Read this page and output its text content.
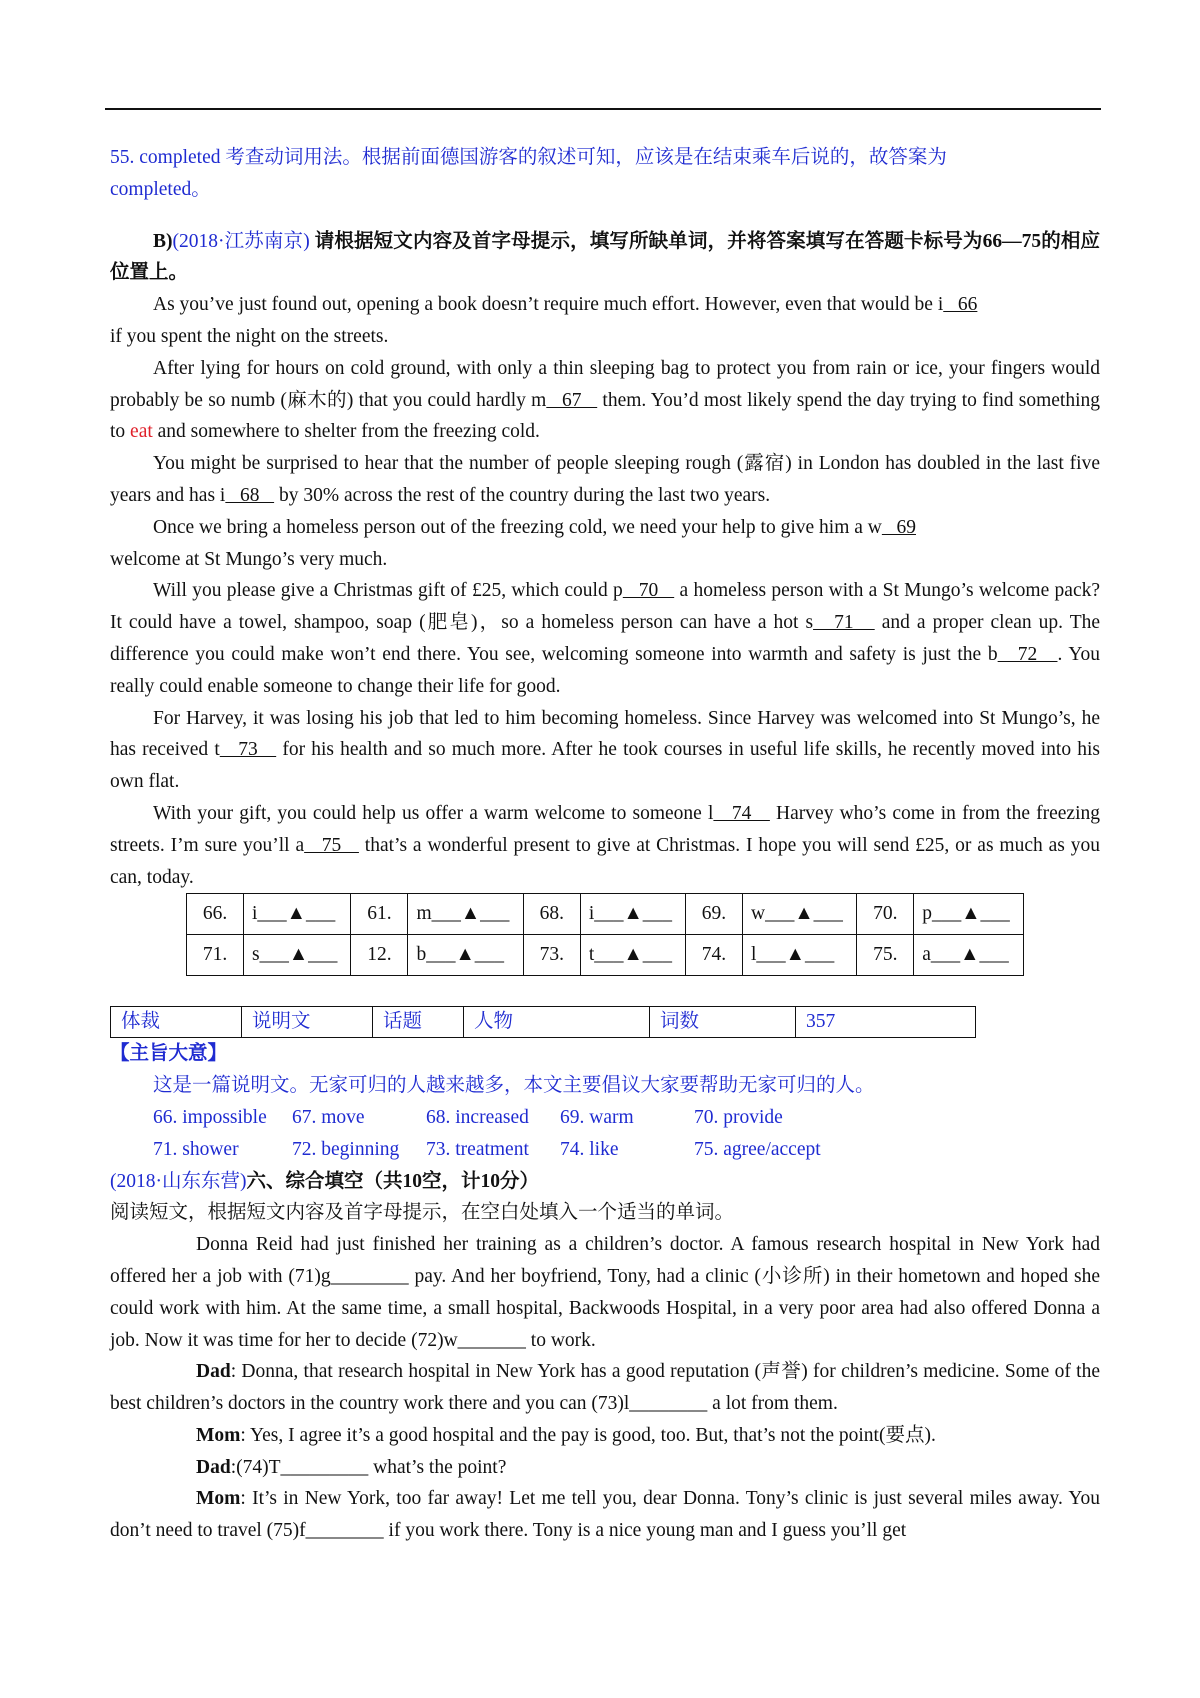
55. completed 考查动词用法。根据前面德国游客的叙述可知，应该是在结束乘车后说的，故答案为
completed。

B)(2018·江苏南京) 请根据短文内容及首字母提示，填写所缺单词，并将答案填写在答题卡标号为66—75的相应位置上。

As you’ve just found out, opening a book doesn’t require much effort. However, even that would be i   66
if you spent the night on the streets.

After lying for hours on cold ground, with only a thin sleeping bag to protect you from rain or ice, your fingers would probably be so numb (麻木的) that you could hardly m   67    them. You’d most likely spend the day trying to find something to eat and somewhere to shelter from the freezing cold.

You might be surprised to hear that the number of people sleeping rough (露宿) in London has doubled in the last five years and has i   68    by 30% across the rest of the country during the last two years.

Once we bring a homeless person out of the freezing cold, we need your help to give him a w   69
welcome at St Mungo’s very much.

Will you please give a Christmas gift of £25, which could p   70    a homeless person with a St Mungo’s welcome pack? It could have a towel, shampoo, soap (肥皂)，so a homeless person can have a hot s   71    and a proper clean up. The difference you could make won’t end there. You see, welcoming someone into warmth and safety is just the b   72   . You really could enable someone to change their life for good.

For Harvey, it was losing his job that led to him becoming homeless. Since Harvey was welcomed into St Mungo’s, he has received t   73    for his health and so much more. After he took courses in useful life skills, he recently moved into his own flat.

With your gift, you could help us offer a warm welcome to someone l   74    Harvey who’s come in from the freezing streets. I’m sure you’ll a   75    that’s a wonderful present to give at Christmas. I hope you will send £25, or as much as you can, today.

66.	i___▲___	61.	m___▲___	68.	i___▲___	69.	w___▲___	70.	p___▲___
71.	s___▲___	12.	b___▲___	73.	t___▲___	74.	l___▲___	75.	a___▲___
体裁	说明文	话题	人物	词数	357

【主旨大意】

这是一篇说明文。无家可归的人越来越多，本文主要倡议大家要帮助无家可归的人。

66. impossible	67. move	68. increased	69. warm	70. provide
71. shower	72. beginning	73. treatment	74. like	75. agree/accept

(2018·山东东营)六、综合填空（共10空，计10分）

阅读短文，根据短文内容及首字母提示，在空白处填入一个适当的单词。

Donna Reid had just finished her training as a children’s doctor. A famous research hospital in New York had offered her a job with (71)g________ pay. And her boyfriend, Tony, had a clinic (小诊所) in their hometown and hoped she could work with him. At the same time, a small hospital, Backwoods Hospital, in a very poor area had also offered Donna a job. Now it was time for her to decide (72)w_______ to work.

Dad: Donna, that research hospital in New York has a good reputation (声誉) for children’s medicine. Some of the best children’s doctors in the country work there and you can (73)l________ a lot from them.

Mom: Yes, I agree it’s a good hospital and the pay is good, too. But, that’s not the point(要点).

Dad:(74)T_________ what’s the point?

Mom: It’s in New York, too far away! Let me tell you, dear Donna. Tony’s clinic is just several miles away. You don’t need to travel (75)f________ if you work there. Tony is a nice young man and I guess you’ll get
